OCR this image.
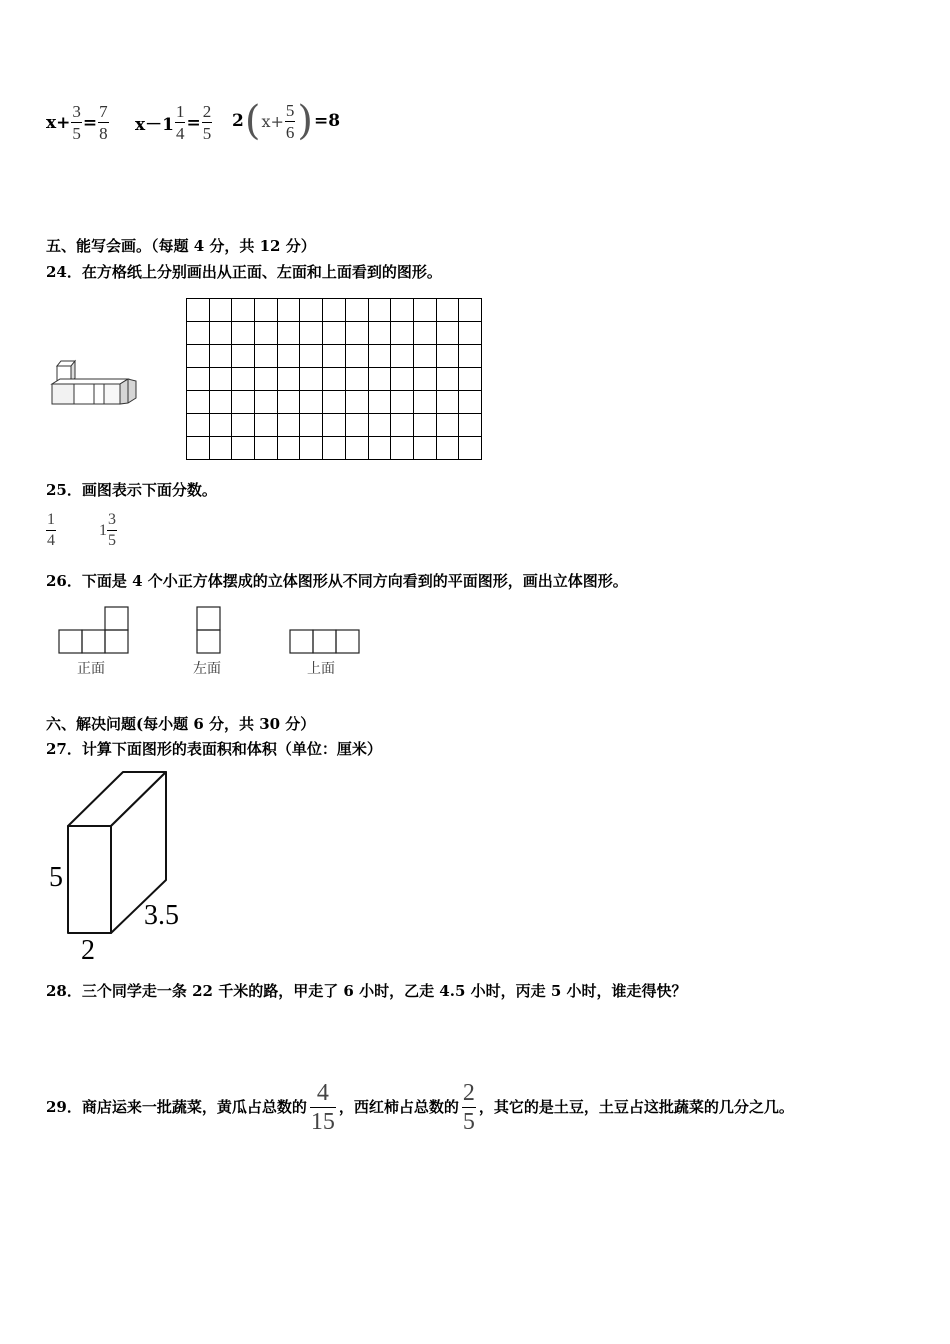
$x+ \frac{3}{5} = \frac{7}{8} x-1 \frac{1}{4} = \frac{2}{5} 2$ ( $x+ \frac{5}{6}$ ) =8
五、能写会画。（每题 4 分，共 12 分）
24．在方格纸上分别画出从正面、左面和上面看到的图形。
25．画图表示下面分数。
$\frac{1}{4}$	$1 \frac{3}{5}$
26．下面是 4 个小正方体摆成的立体图形从不同方向看到的平面图形，画出立体图形。
正面	左面	上面
六、解决问题(每小题 6 分，共 30 分）
27．计算下面图形的表面积和体积（单位：厘米）
5
2
3.5
28．三个同学走一条 22 千米的路，甲走了 6 小时，乙走 4.5 小时，丙走 5 小时，谁走得快？
29．商店运来一批蔬菜，黄瓜占总数的 $\frac{4}{15}$ ，西红柿占总数的 $\frac{2}{5}$ ，其它的是土豆，土豆占这批蔬菜的几分之几。
